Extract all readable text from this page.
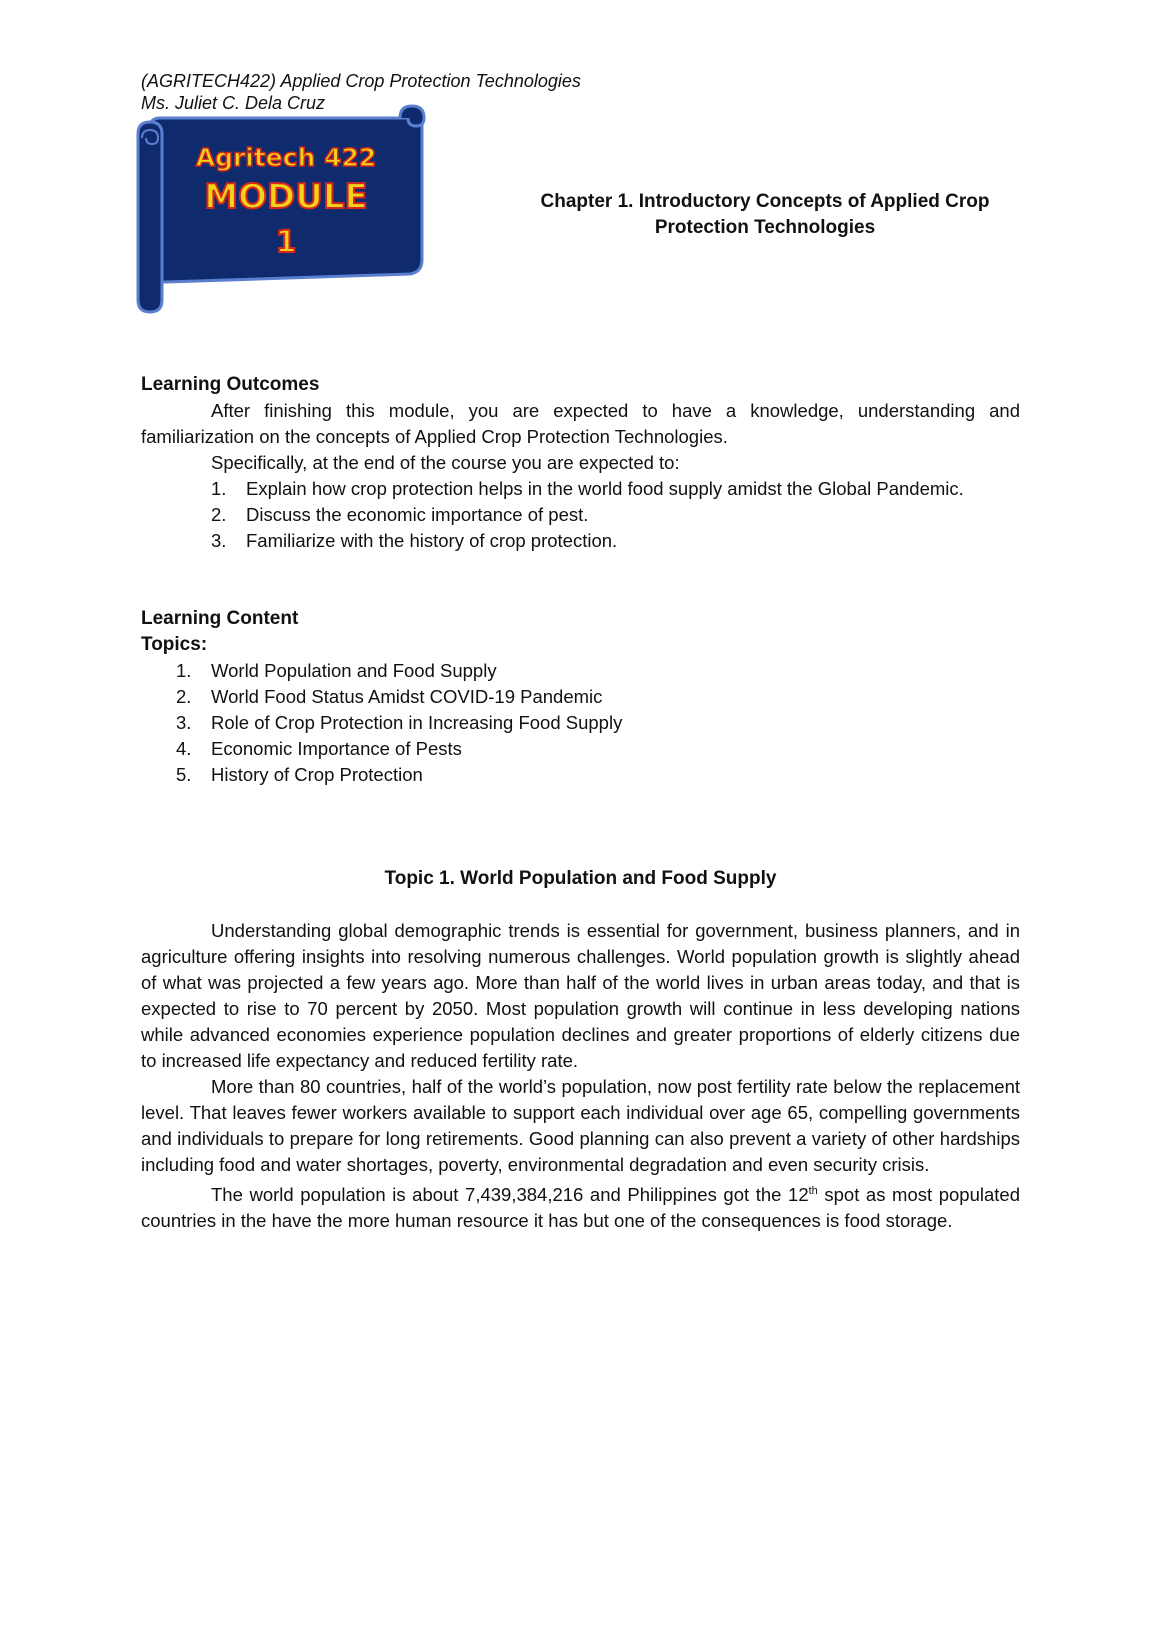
(AGRITECH422) Applied Crop Protection Technologies
Ms. Juliet C. Dela Cruz
Agritech 422
MODULE
1
Chapter 1. Introductory Concepts of Applied Crop
Protection Technologies

Learning Outcomes

After finishing this module, you are expected to have a knowledge, understanding and familiarization on the concepts of Applied Crop Protection Technologies.

Specifically, at the end of the course you are expected to:

1. Explain how crop protection helps in the world food supply amidst the Global Pandemic.
2. Discuss the economic importance of pest.
3. Familiarize with the history of crop protection.

Learning Content

Topics:

1. World Population and Food Supply
2. World Food Status Amidst COVID-19 Pandemic
3. Role of Crop Protection in Increasing Food Supply
4. Economic Importance of Pests
5. History of Crop Protection

Topic 1. World Population and Food Supply

Understanding global demographic trends is essential for government, business planners, and in agriculture offering insights into resolving numerous challenges. World population growth is slightly ahead of what was projected a few years ago. More than half of the world lives in urban areas today, and that is expected to rise to 70 percent by 2050. Most population growth will continue in less developing nations while advanced economies experience population declines and greater proportions of elderly citizens due to increased life expectancy and reduced fertility rate.

More than 80 countries, half of the world’s population, now post fertility rate below the replacement level. That leaves fewer workers available to support each individual over age 65, compelling governments and individuals to prepare for long retirements. Good planning can also prevent a variety of other hardships including food and water shortages, poverty, environmental degradation and even security crisis.

The world population is about 7,439,384,216 and Philippines got the 12th spot as most populated countries in the have the more human resource it has but one of the consequences is food storage.
